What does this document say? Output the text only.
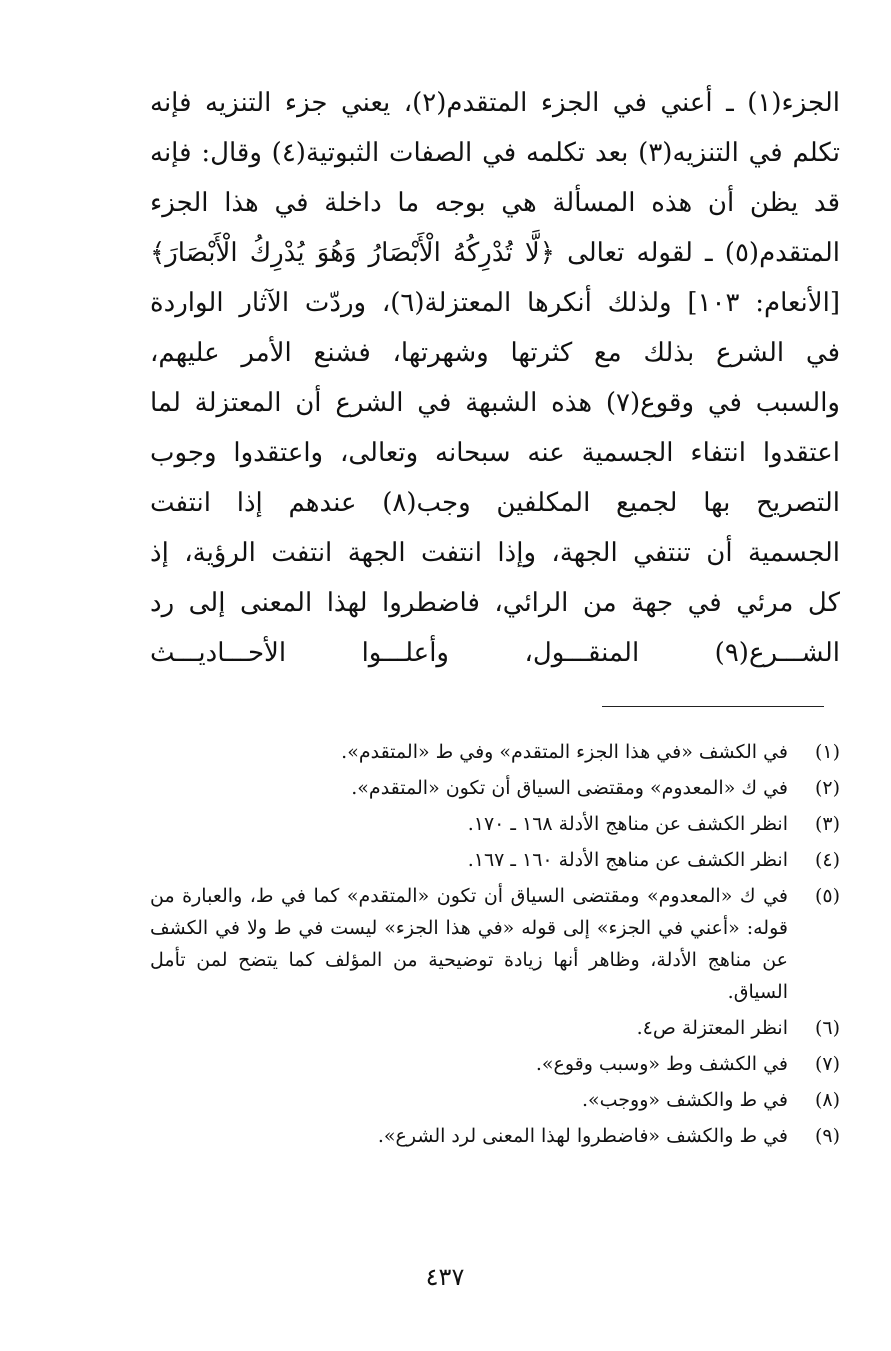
الجزء(١) ـ أعني في الجزء المتقدم(٢)، يعني جزء التنزيه فإنه
تكلم في التنزيه(٣) بعد تكلمه في الصفات الثبوتية(٤) وقال: فإنه
قد يظن أن هذه المسألة هي بوجه ما داخلة في هذا الجزء
المتقدم(٥) ـ لقوله تعالى ﴿لَّا تُدْرِكُهُ الْأَبْصَارُ وَهُوَ يُدْرِكُ الْأَبْصَارَ﴾
[الأنعام: ١٠٣] ولذلك أنكرها المعتزلة(٦)، وردّت الآثار الواردة
في الشرع بذلك مع كثرتها وشهرتها، فشنع الأمر عليهم،
والسبب في وقوع(٧) هذه الشبهة في الشرع أن المعتزلة لما
اعتقدوا انتفاء الجسمية عنه سبحانه وتعالى، واعتقدوا وجوب
التصريح بها لجميع المكلفين وجب(٨) عندهم إذا انتفت
الجسمية أن تنتفي الجهة، وإذا انتفت الجهة انتفت الرؤية، إذ
كل مرئي في جهة من الرائي، فاضطروا لهذا المعنى إلى رد
الشـــرع(٩) المنقـــول، وأعلـــوا الأحـــاديـــث
(١)
في الكشف «في هذا الجزء المتقدم» وفي ط «المتقدم».
(٢)
في ك «المعدوم» ومقتضى السياق أن تكون «المتقدم».
(٣)
انظر الكشف عن مناهج الأدلة ١٦٨ ـ ١٧٠.
(٤)
انظر الكشف عن مناهج الأدلة ١٦٠ ـ ١٦٧.
(٥)
في ك «المعدوم» ومقتضى السياق أن تكون «المتقدم» كما في ط، والعبارة من
قوله: «أعني في الجزء» إلى قوله «في هذا الجزء» ليست في ط ولا في الكشف
عن مناهج الأدلة، وظاهر أنها زيادة توضيحية من المؤلف كما يتضح لمن تأمل
السياق.
(٦)
انظر المعتزلة ص٤.
(٧)
في الكشف وط «وسبب وقوع».
(٨)
في ط والكشف «ووجب».
(٩)
في ط والكشف «فاضطروا لهذا المعنى لرد الشرع».
٤٣٧
